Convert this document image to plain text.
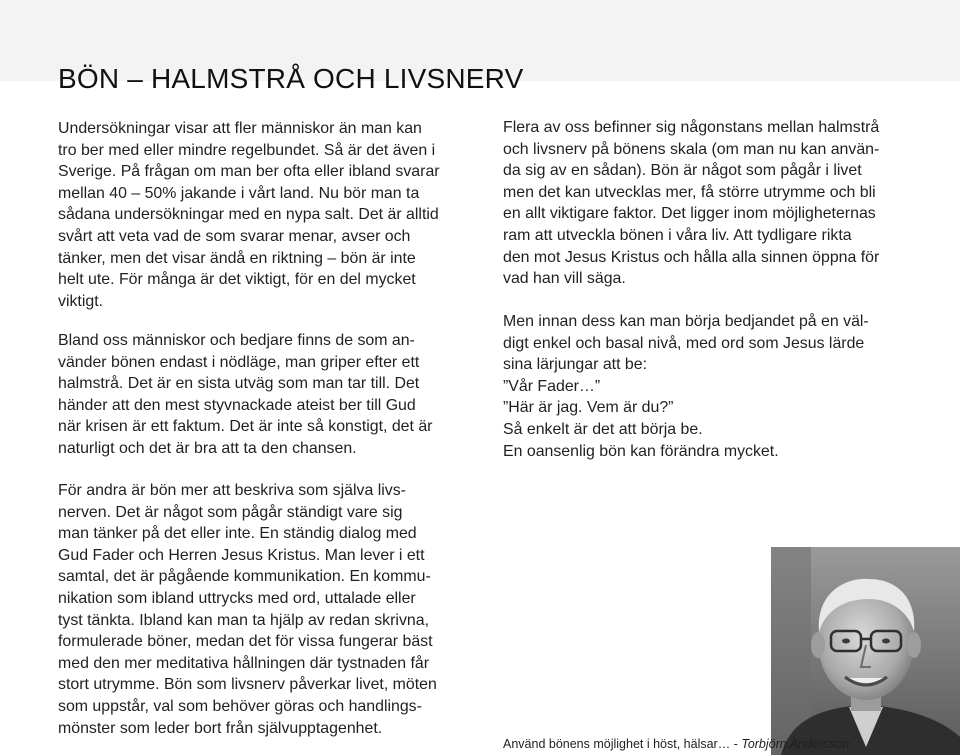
BÖN – HALMSTRÅ OCH LIVSNERV

Undersökningar visar att fler människor än man kan
tro ber med eller mindre regelbundet. Så är det även i
Sverige. På frågan om man ber ofta eller ibland svarar
mellan 40 – 50% jakande i vårt land. Nu bör man ta
sådana undersökningar med en nypa salt. Det är alltid
svårt att veta vad de som svarar menar, avser och
tänker, men det visar ändå en riktning – bön är inte
helt ute. För många är det viktigt, för en del mycket
viktigt.

Bland oss människor och bedjare finns de som an-
vänder bönen endast i nödläge, man griper efter ett
halmstrå. Det är en sista utväg som man tar till. Det
händer att den mest styvnackade ateist ber till Gud
när krisen är ett faktum. Det är inte så konstigt, det är
naturligt och det är bra att ta den chansen.

För andra är bön mer att beskriva som själva livs-
nerven. Det är något som pågår ständigt vare sig
man tänker på det eller inte. En ständig dialog med
Gud Fader och Herren Jesus Kristus. Man lever i ett
samtal, det är pågående kommunikation. En kommu-
nikation som ibland uttrycks med ord, uttalade eller
tyst tänkta. Ibland kan man ta hjälp av redan skrivna,
formulerade böner, medan det för vissa fungerar bäst
med den mer meditativa hållningen där tystnaden får
stort utrymme. Bön som livsnerv påverkar livet, möten
som uppstår, val som behöver göras och handlings-
mönster som leder bort från självupptagenhet.

Flera av oss befinner sig någonstans mellan halmstrå
och livsnerv på bönens skala (om man nu kan använ-
da sig av en sådan). Bön är något som pågår i livet
men det kan utvecklas mer, få större utrymme och bli
en allt viktigare faktor. Det ligger inom möjligheternas
ram att utveckla bönen i våra liv. Att tydligare rikta
den mot Jesus Kristus och hålla alla sinnen öppna för
vad han vill säga.

Men innan dess kan man börja bedjandet på en väl-
digt enkel och basal nivå, med ord som Jesus lärde
sina lärjungar att be:
”Vår Fader…”
”Här är jag. Vem är du?”
Så enkelt är det att börja be.
En oansenlig bön kan förändra mycket.

Använd bönens möjlighet i höst, hälsar… - Torbjörn Andersson
